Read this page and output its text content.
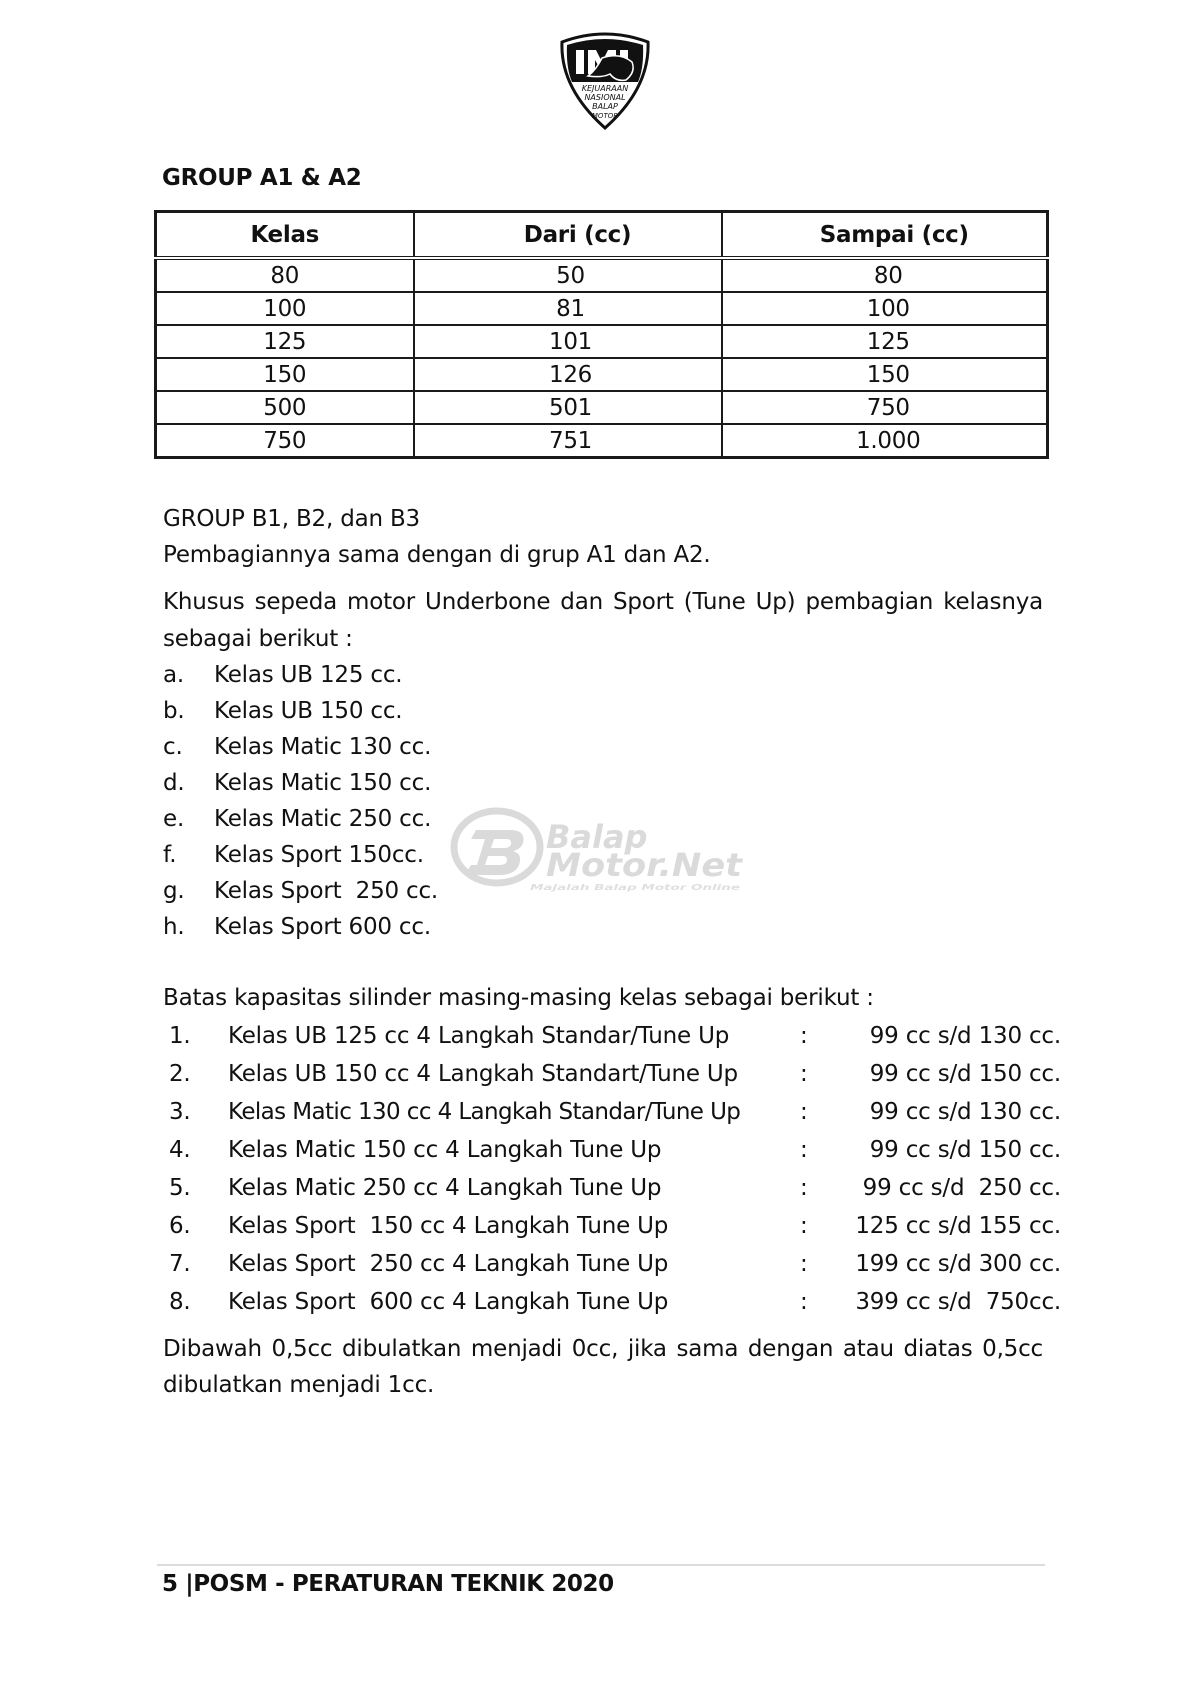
KEJUARAAN
NASIONAL
BALAP
MOTOR
GROUP A1 & A2
Kelas	Dari (cc)	Sampai (cc)
80	50	80
100	81	100
125	101	125
150	126	150
500	501	750
750	751	1.000
GROUP B1, B2, dan B3
Pembagiannya sama dengan di grup A1 dan A2.
Khusus sepeda motor Underbone dan Sport (Tune Up) pembagian kelasnya
sebagai berikut :
a. Kelas UB 125 cc.
b. Kelas UB 150 cc.
c. Kelas Matic 130 cc.
d. Kelas Matic 150 cc.
e. Kelas Matic 250 cc.
f. Kelas Sport 150cc.
g. Kelas Sport  250 cc.
h. Kelas Sport 600 cc.
Balap
Motor.Net
Majalah Balap Motor Online
Batas kapasitas silinder masing-masing kelas sebagai berikut :
1. Kelas UB 125 cc 4 Langkah Standar/Tune Up	:	99 cc s/d 130 cc.
2. Kelas UB 150 cc 4 Langkah Standart/Tune Up	:	99 cc s/d 150 cc.
3. Kelas Matic 130 cc 4 Langkah Standar/Tune Up	:	99 cc s/d 130 cc.
4. Kelas Matic 150 cc 4 Langkah Tune Up	:	99 cc s/d 150 cc.
5. Kelas Matic 250 cc 4 Langkah Tune Up	: 99 cc s/d  250 cc.
6. Kelas Sport  150 cc 4 Langkah Tune Up	: 125 cc s/d 155 cc.
7. Kelas Sport  250 cc 4 Langkah Tune Up	: 199 cc s/d 300 cc.
8. Kelas Sport  600 cc 4 Langkah Tune Up	: 399 cc s/d  750cc.
Dibawah 0,5cc dibulatkan menjadi 0cc, jika sama dengan atau diatas 0,5cc
dibulatkan menjadi 1cc.
5 |POSM - PERATURAN TEKNIK 2020
